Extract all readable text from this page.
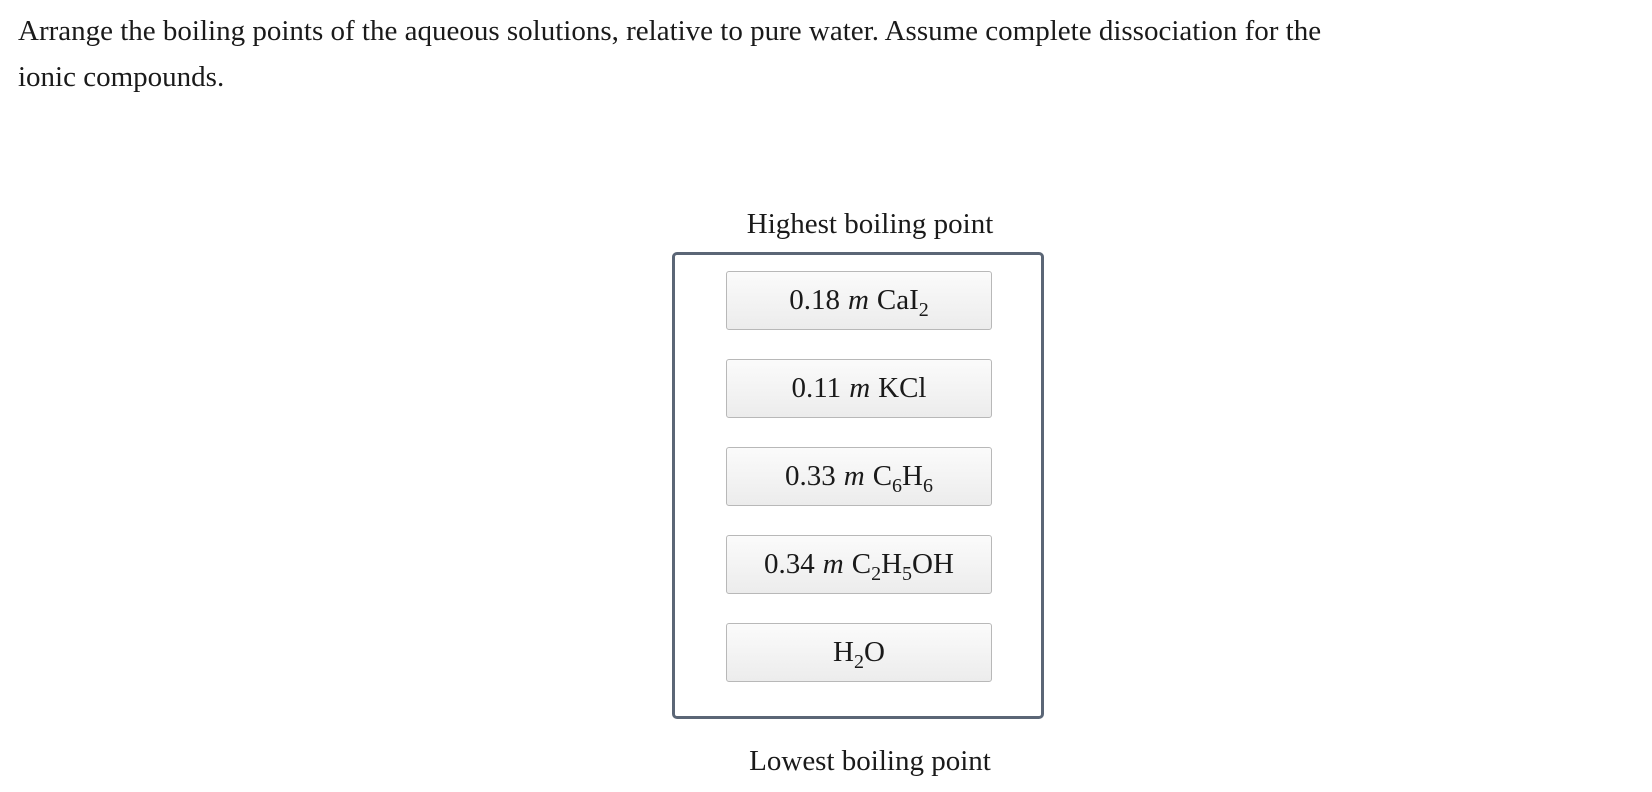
Arrange the boiling points of the aqueous solutions, relative to pure water. Assume complete dissociation for the
ionic compounds.
Highest boiling point
0.18 m CaI$_2$
0.11 m KCl
0.33 m $C_6H_6$
0.34 m $C_2H_5OH$
$H_2O$
Lowest boiling point
